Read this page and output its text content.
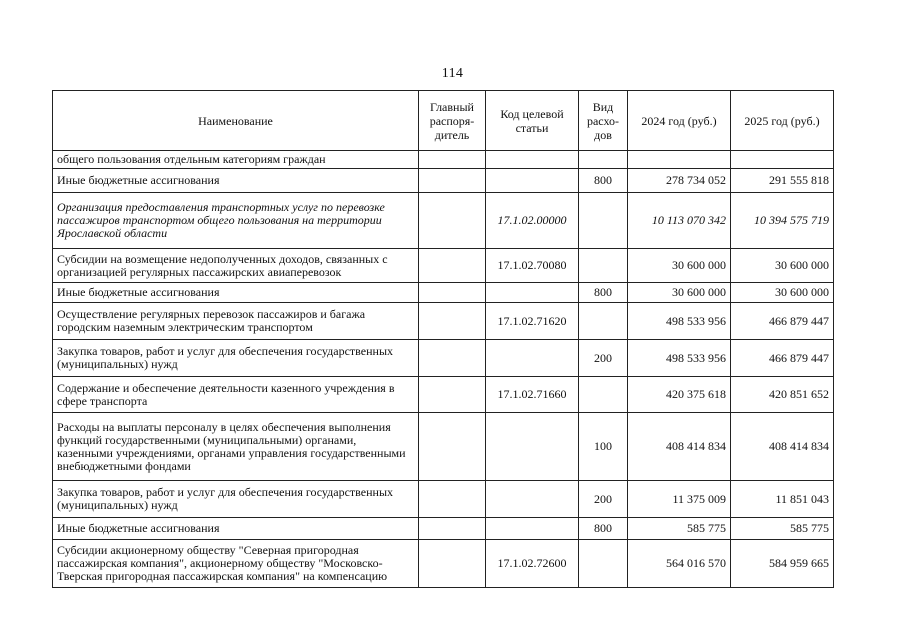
114
Наименование	Главный распоря-дитель	Код целевой статьи	Вид расхо-дов	2024 год (руб.)	2025 год (руб.)
общего пользования отдельным категориям граждан					
Иные бюджетные ассигнования			800	278 734 052	291 555 818
Организация предоставления транспортных услуг по перевозке пассажиров транспортом общего пользования на территории Ярославской области		17.1.02.00000		10 113 070 342	10 394 575 719
Субсидии на возмещение недополученных доходов, связанных с организацией регулярных пассажирских авиаперевозок		17.1.02.70080		30 600 000	30 600 000
Иные бюджетные ассигнования			800	30 600 000	30 600 000
Осуществление регулярных перевозок пассажиров и багажа городским наземным электрическим транспортом		17.1.02.71620		498 533 956	466 879 447
Закупка товаров, работ и услуг для обеспечения государственных (муниципальных) нужд			200	498 533 956	466 879 447
Содержание и обеспечение деятельности казенного учреждения в сфере транспорта		17.1.02.71660		420 375 618	420 851 652
Расходы на выплаты персоналу в целях обеспечения выполнения функций государственными (муниципальными) органами, казенными учреждениями, органами управления государственными внебюджетными фондами			100	408 414 834	408 414 834
Закупка товаров, работ и услуг для обеспечения государственных (муниципальных) нужд			200	11 375 009	11 851 043
Иные бюджетные ассигнования			800	585 775	585 775
Субсидии акционерному обществу "Северная пригородная пассажирская компания", акционерному обществу "Московско-Тверская пригородная пассажирская компания" на компенсацию		17.1.02.72600		564 016 570	584 959 665
